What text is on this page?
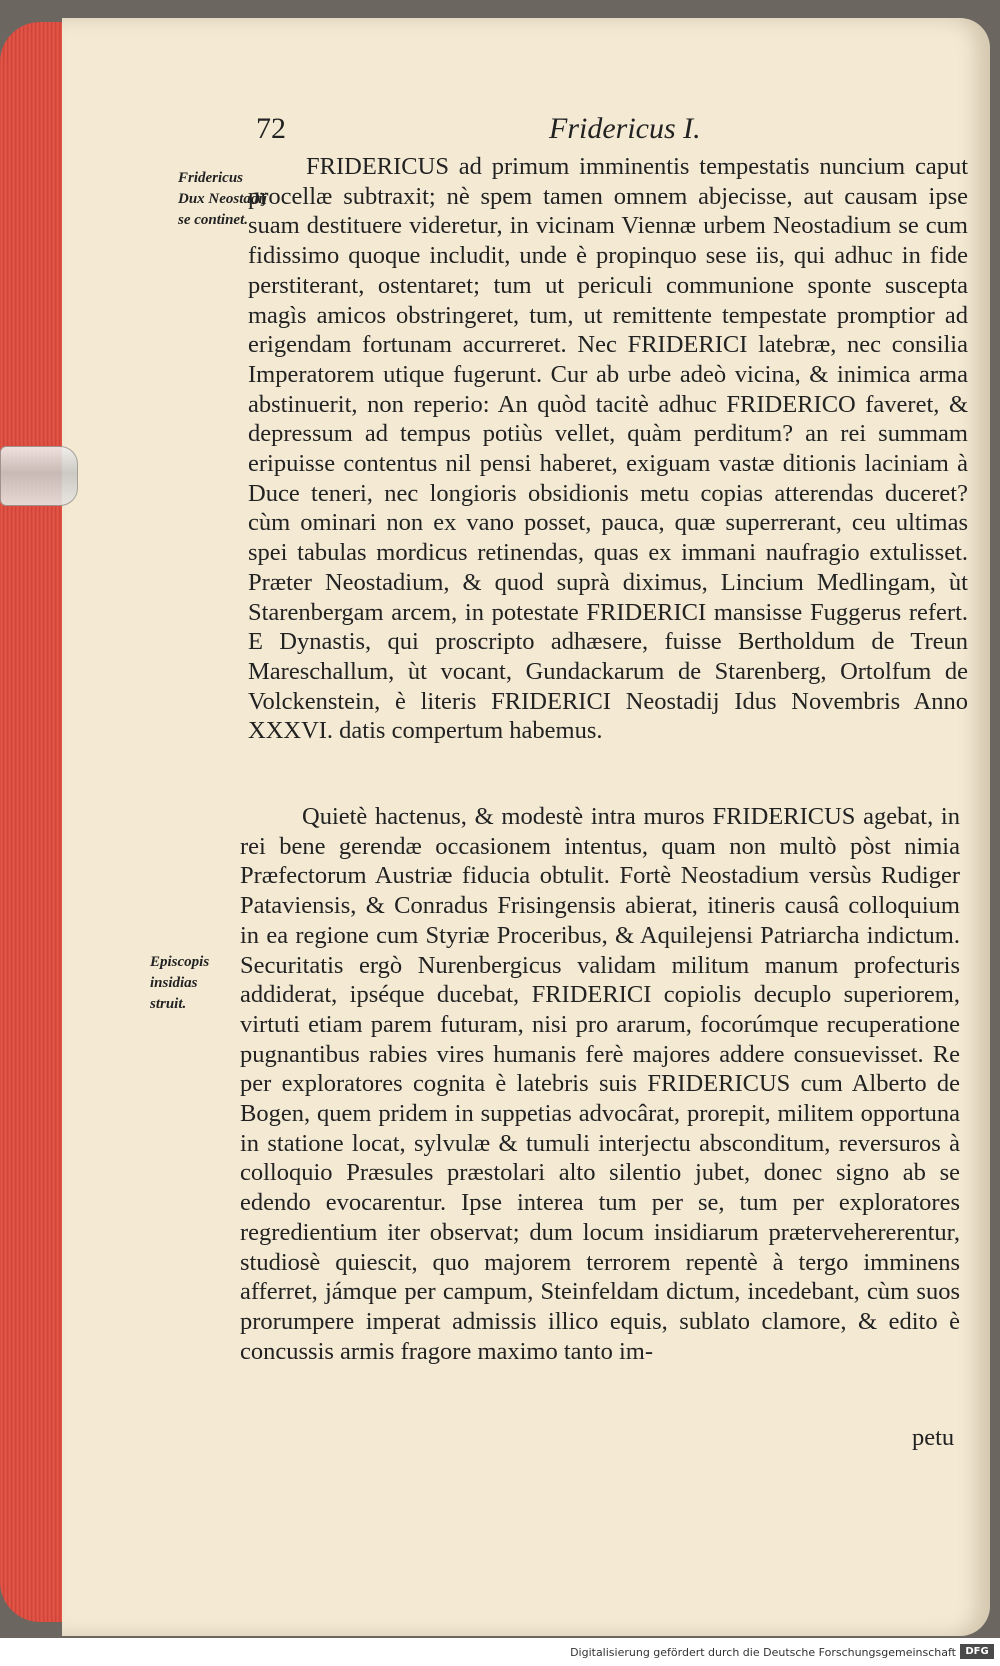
72	Fridericus I.
Fridericus Dux Neostadij se continet.
Episcopis insidias struit.

FRIDERICUS ad primum imminentis tempestatis nuncium caput procellæ subtraxit; nè spem tamen omnem abjecisse, aut causam ipse suam destituere videretur, in vicinam Viennæ urbem Neostadium se cum fidissimo quoque includit, unde è propinquo sese iis, qui adhuc in fide perstiterant, ostentaret; tum ut periculi communione sponte suscepta magìs amicos obstringeret, tum, ut remittente tempestate promptior ad erigendam fortunam accurreret. Nec FRIDERICI latebræ, nec consilia Imperatorem utique fugerunt. Cur ab urbe adeò vicina, & inimica arma abstinuerit, non reperio: An quòd tacitè adhuc FRIDERICO faveret, & depressum ad tempus potiùs vellet, quàm perditum? an rei summam eripuisse contentus nil pensi haberet, exiguam vastæ ditionis laciniam à Duce teneri, nec longioris obsidionis metu copias atterendas duceret? cùm ominari non ex vano posset, pauca, quæ superrerant, ceu ultimas spei tabulas mordicus retinendas, quas ex immani naufragio extulisset. Præter Neostadium, & quod suprà diximus, Lincium Medlingam, ùt Starenbergam arcem, in potestate FRIDERICI mansisse Fuggerus refert. E Dynastis, qui proscripto adhæsere, fuisse Bertholdum de Treun Mareschallum, ùt vocant, Gundackarum de Starenberg, Ortolfum de Volckenstein, è literis FRIDERICI Neostadij Idus Novembris Anno XXXVI. datis compertum habemus.

Quietè hactenus, & modestè intra muros FRIDERICUS agebat, in rei bene gerendæ occasionem intentus, quam non multò pòst nimia Præfectorum Austriæ fiducia obtulit. Fortè Neostadium versùs Rudiger Pataviensis, & Conradus Frisingensis abierat, itineris causâ colloquium in ea regione cum Styriæ Proceribus, & Aquilejensi Patriarcha indictum. Securitatis ergò Nurenbergicus validam militum manum profecturis addiderat, ipséque ducebat, FRIDERICI copiolis decuplo superiorem, virtuti etiam parem futuram, nisi pro ararum, focorúmque recuperatione pugnantibus rabies vires humanis ferè majores addere consuevisset. Re per exploratores cognita è latebris suis FRIDERICUS cum Alberto de Bogen, quem pridem in suppetias advocârat, prorepit, militem opportuna in statione locat, sylvulæ & tumuli interjectu absconditum, reversuros à colloquio Præsules præstolari alto silentio jubet, donec signo ab se edendo evocarentur. Ipse interea tum per se, tum per exploratores regredientium iter observat; dum locum insidiarum prætervehererentur, studiosè quiescit, quo majorem terrorem repentè à tergo imminens afferret, jámque per campum, Steinfeldam dictum, incedebant, cùm suos prorumpere imperat admissis illico equis, sublato clamore, & edito è concussis armis fragore maximo tanto im-

petu
Digitalisierung gefördert durch die Deutsche Forschungsgemeinschaft DFG
